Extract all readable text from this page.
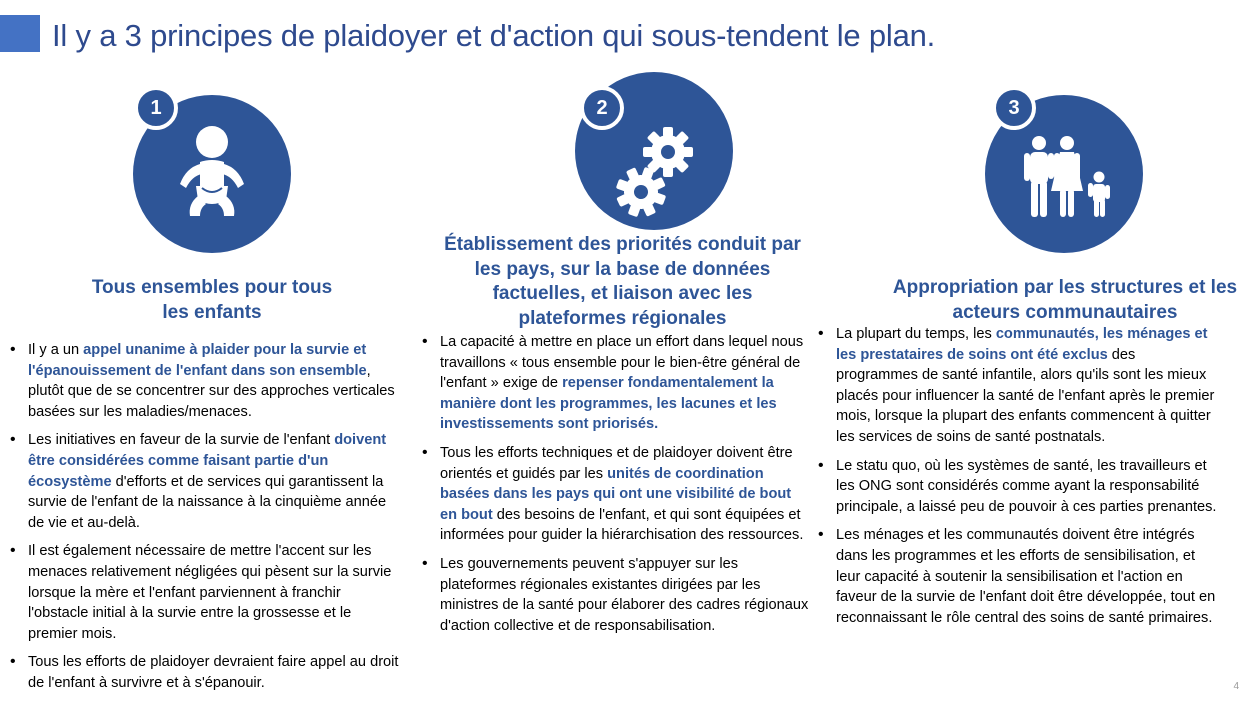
Il y a 3 principes de plaidoyer et d'action qui sous-tendent le plan.
1
Tous ensembles pour tous les enfants
• Il y a un appel unanime à plaider pour la survie et l'épanouissement de l'enfant dans son ensemble, plutôt que de se concentrer sur des approches verticales basées sur les maladies/menaces.
• Les initiatives en faveur de la survie de l'enfant doivent être considérées comme faisant partie d'un écosystème d'efforts et de services qui garantissent la survie de l'enfant de la naissance à la cinquième année de vie et au-delà.
• Il est également nécessaire de mettre l'accent sur les menaces relativement négligées qui pèsent sur la survie lorsque la mère et l'enfant parviennent à franchir l'obstacle initial à la survie entre la grossesse et le premier mois.
• Tous les efforts de plaidoyer devraient faire appel au droit de l'enfant à survivre et à s'épanouir.
2
Établissement des priorités conduit par les pays, sur la base de données factuelles, et liaison avec les plateformes régionales
• La capacité à mettre en place un effort dans lequel nous travaillons « tous ensemble pour le bien-être général de l'enfant » exige de repenser fondamentalement la manière dont les programmes, les lacunes et les investissements sont priorisés.
• Tous les efforts techniques et de plaidoyer doivent être orientés et guidés par les unités de coordination basées dans les pays qui ont une visibilité de bout en bout des besoins de l'enfant, et qui sont équipées et informées pour guider la hiérarchisation des ressources.
• Les gouvernements peuvent s'appuyer sur les plateformes régionales existantes dirigées par les ministres de la santé pour élaborer des cadres régionaux d'action collective et de responsabilisation.
3
Appropriation par les structures et les acteurs communautaires
• La plupart du temps, les communautés, les ménages et les prestataires de soins ont été exclus des programmes de santé infantile, alors qu'ils sont les mieux placés pour influencer la santé de l'enfant après le premier mois, lorsque la plupart des enfants commencent à quitter les services de soins de santé postnatals.
• Le statu quo, où les systèmes de santé, les travailleurs et les ONG sont considérés comme ayant la responsabilité principale, a laissé peu de pouvoir à ces parties prenantes.
• Les ménages et les communautés doivent être intégrés dans les programmes et les efforts de sensibilisation, et leur capacité à soutenir la sensibilisation et l'action en faveur de la survie de l'enfant doit être développée, tout en reconnaissant le rôle central des soins de santé primaires.
4
